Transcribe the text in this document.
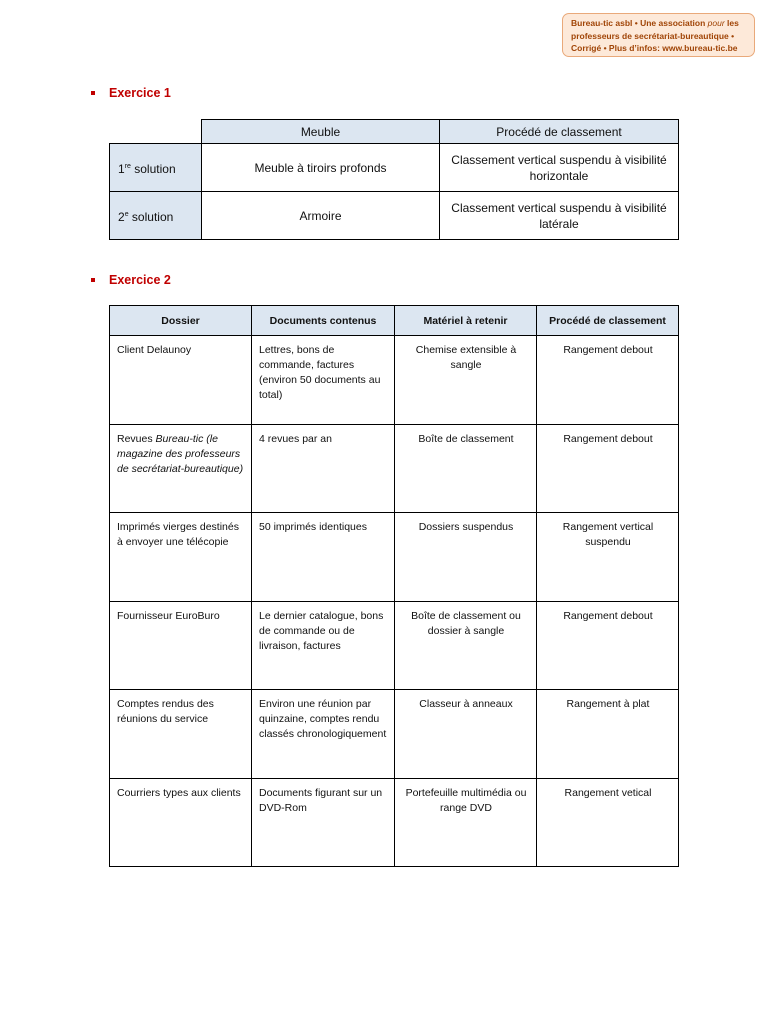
Bureau-tic asbl • Une association pour les
professeurs de secrétariat-bureautique •
Corrigé • Plus d’infos: www.bureau-tic.be
Exercice 1
	Meuble	Procédé de classement
1re solution	Meuble à tiroirs profonds	Classement vertical suspendu à visibilité horizontale
2e solution	Armoire	Classement vertical suspendu à visibilité latérale
Exercice 2
Dossier	Documents contenus	Matériel à retenir	Procédé de classement
Client Delaunoy	Lettres, bons de commande, factures (environ 50 documents au total)	Chemise extensible à sangle	Rangement debout
Revues Bureau-tic (le magazine des professeurs de secrétariat-bureautique)	4 revues par an	Boîte de classement	Rangement debout
Imprimés vierges destinés à envoyer une télécopie	50 imprimés identiques	Dossiers suspendus	Rangement vertical suspendu
Fournisseur EuroBuro	Le dernier catalogue, bons de commande ou de livraison, factures	Boîte de classement ou dossier à sangle	Rangement debout
Comptes rendus des réunions du service	Environ une réunion par quinzaine, comptes rendu classés chronologiquement	Classeur à anneaux	Rangement à plat
Courriers types aux clients	Documents figurant sur un DVD-Rom	Portefeuille multimédia ou range DVD	Rangement vetical
